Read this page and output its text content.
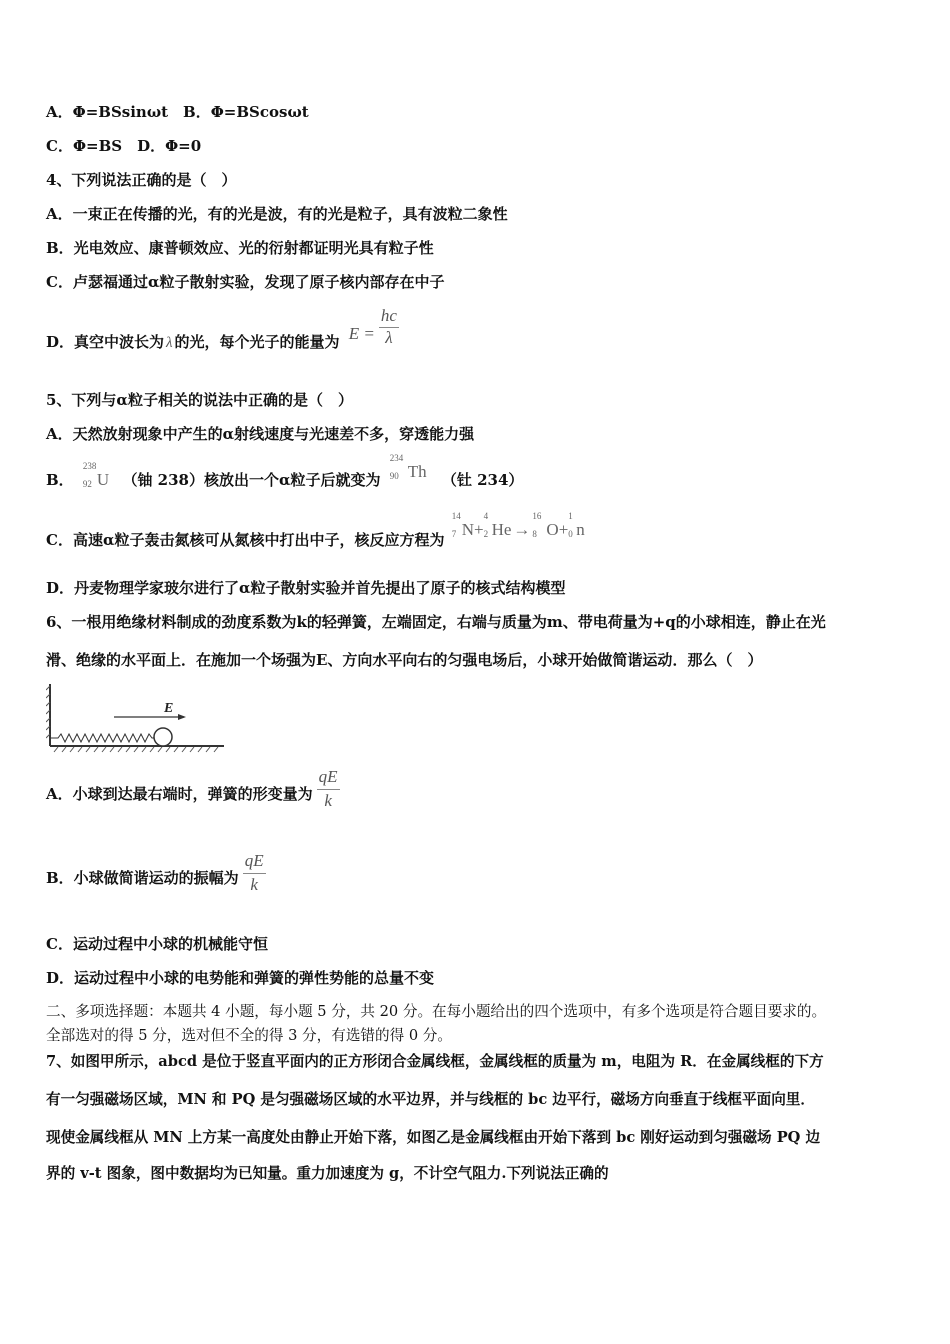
A．Φ=BSsinωt　B．Φ=BScosωt
C．Φ=BS　D．Φ=0
4、下列说法正确的是（　）
A．一束正在传播的光，有的光是波，有的光是粒子，具有波粒二象性
B．光电效应、康普顿效应、光的衍射都证明光具有粒子性
C．卢瑟福通过α粒子散射实验，发现了原子核内部存在中子
D．真空中波长为 λ 的光，每个光子的能量为 $E = \frac{hc}{\lambda}$
5、下列与α粒子相关的说法中正确的是（　）
A．天然放射现象中产生的α射线速度与光速差不多，穿透能力强
B．
238
92 U （铀 238）核放出一个α粒子后就变为
234
90 Th （钍 234）
C．高速α粒子轰击氮核可从氮核中打出中子，核反应方程为
14
7 N+
4
2 He →
16
8 O+
1
0 n
D．丹麦物理学家玻尔进行了α粒子散射实验并首先提出了原子的核式结构模型
6、一根用绝缘材料制成的劲度系数为k的轻弹簧，左端固定，右端与质量为m、带电荷量为+q的小球相连，静止在光
滑、绝缘的水平面上．在施加一个场强为E、方向水平向右的匀强电场后，小球开始做简谐运动．那么（　）
E
A．小球到达最右端时，弹簧的形变量为 $\frac{qE}{k}$
B．小球做简谐运动的振幅为 $\frac{qE}{k}$
C．运动过程中小球的机械能守恒
D．运动过程中小球的电势能和弹簧的弹性势能的总量不变
二、多项选择题：本题共 4 小题，每小题 5 分，共 20 分。在每小题给出的四个选项中，有多个选项是符合题目要求的。
全部选对的得 5 分，选对但不全的得 3 分，有选错的得 0 分。
7、如图甲所示，abcd 是位于竖直平面内的正方形闭合金属线框，金属线框的质量为 m，电阻为 R．在金属线框的下方
有一匀强磁场区域，MN 和 PQ 是匀强磁场区域的水平边界，并与线框的 bc 边平行，磁场方向垂直于线框平面向里．
现使金属线框从 MN 上方某一高度处由静止开始下落，如图乙是金属线框由开始下落到 bc 刚好运动到匀强磁场 PQ 边
界的 v-t 图象，图中数据均为已知量。重力加速度为 g，不计空气阻力.下列说法正确的
